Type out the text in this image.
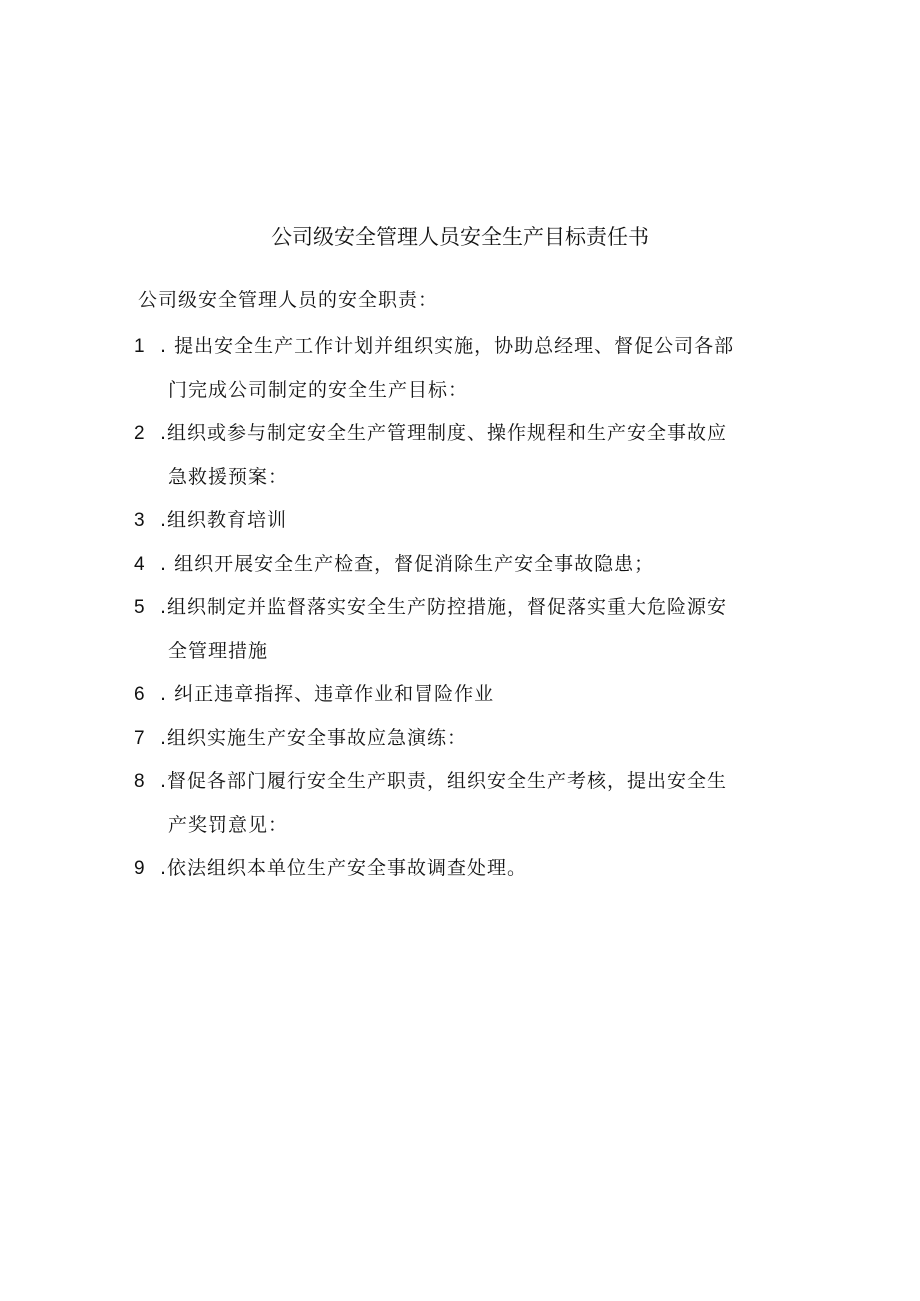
公司级安全管理人员安全生产目标责任书
公司级安全管理人员的安全职责：
1 . 提出安全生产工作计划并组织实施，协助总经理、督促公司各部
门完成公司制定的安全生产目标：
2 .组织或参与制定安全生产管理制度、操作规程和生产安全事故应
急救援预案：
3 .组织教育培训
4 . 组织开展安全生产检查，督促消除生产安全事故隐患；
5 .组织制定并监督落实安全生产防控措施，督促落实重大危险源安
全管理措施
6 . 纠正违章指挥、违章作业和冒险作业
7 .组织实施生产安全事故应急演练：
8 .督促各部门履行安全生产职责，组织安全生产考核，提出安全生
产奖罚意见：
9 .依法组织本单位生产安全事故调查处理。
